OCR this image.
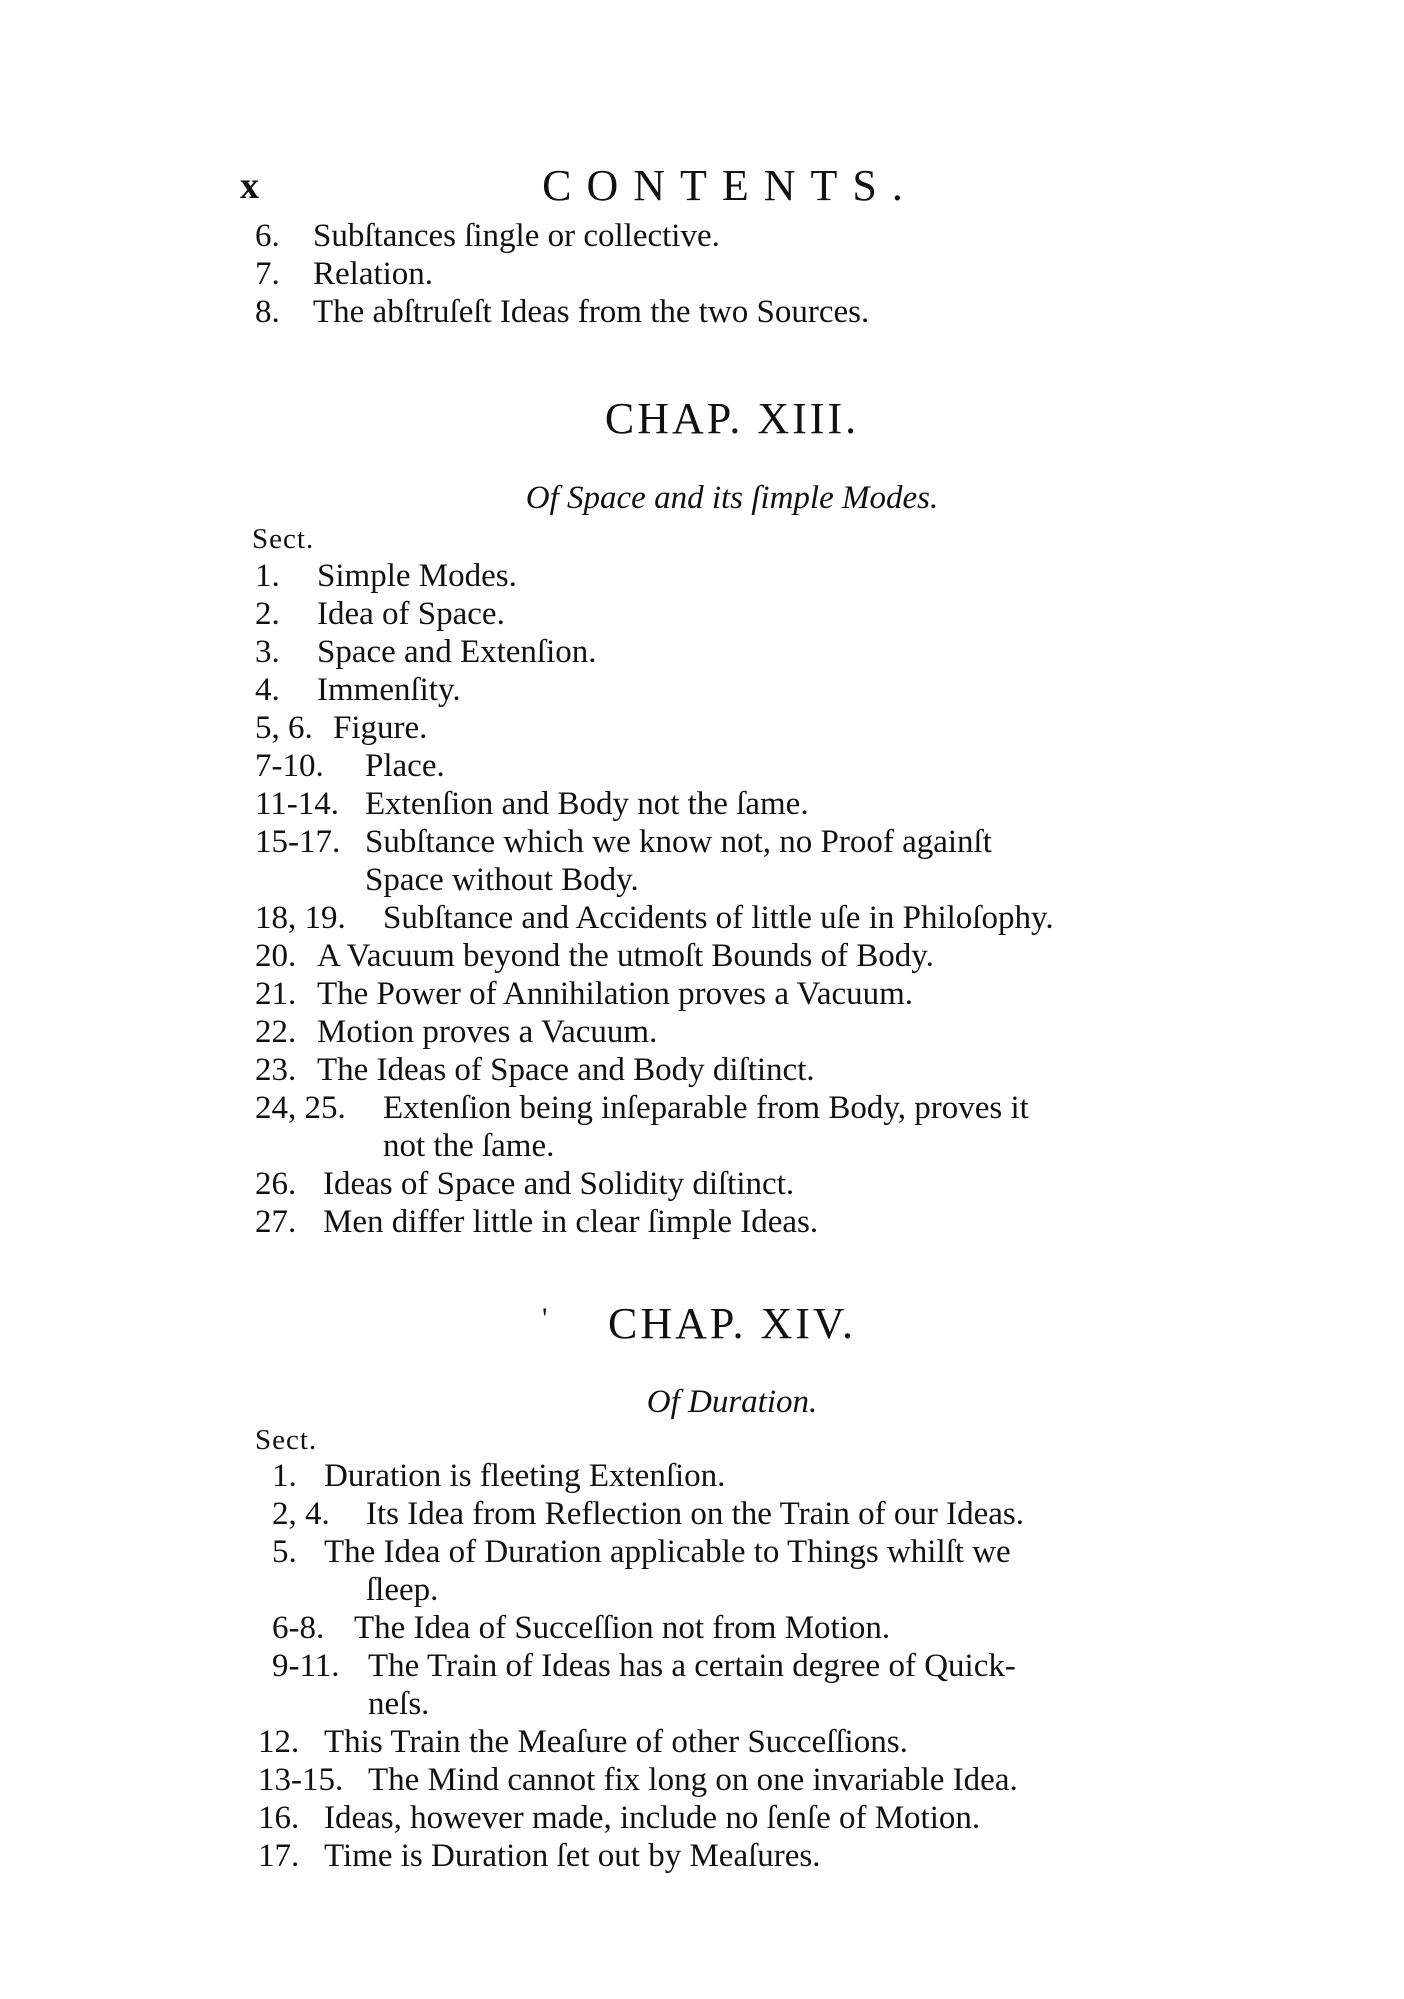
x	CONTENTS.
6. Subſtances ſingle or collective.
7. Relation.
8. The abſtruſeſt Ideas from the two Sources.
CHAP. XIII.
Of Space and its ſimple Modes.
Sect.
1. Simple Modes.
2. Idea of Space.
3. Space and Extenſion.
4. Immenſity.
5, 6. Figure.
7-10. Place.
11-14. Extenſion and Body not the ſame.
15-17. Subſtance which we know not, no Proof againſt
Space without Body.
18, 19. Subſtance and Accidents of little uſe in Philoſophy.
20. A Vacuum beyond the utmoſt Bounds of Body.
21. The Power of Annihilation proves a Vacuum.
22. Motion proves a Vacuum.
23. The Ideas of Space and Body diſtinct.
24, 25. Extenſion being inſeparable from Body, proves it
not the ſame.
26. Ideas of Space and Solidity diſtinct.
27. Men differ little in clear ſimple Ideas.
'	CHAP. XIV.
Of Duration.
Sect.
1. Duration is fleeting Extenſion.
2, 4. Its Idea from Reflection on the Train of our Ideas.
5. The Idea of Duration applicable to Things whilſt we
ſleep.
6-8. The Idea of Succeſſion not from Motion.
9-11. The Train of Ideas has a certain degree of Quick-
neſs.
12. This Train the Meaſure of other Succeſſions.
13-15. The Mind cannot fix long on one invariable Idea.
16. Ideas, however made, include no ſenſe of Motion.
17. Time is Duration ſet out by Meaſures.
